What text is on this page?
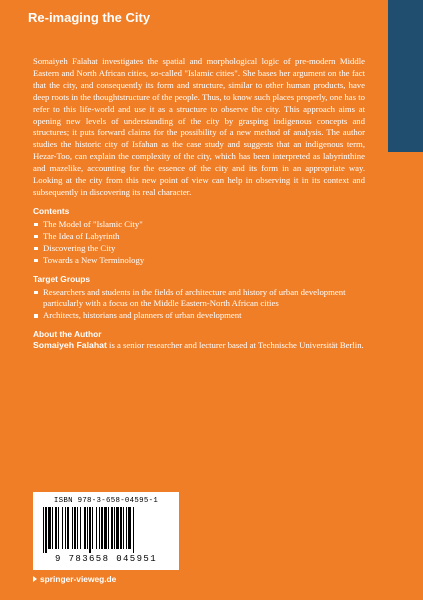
Re-imaging the City

Somaiyeh Falahat investigates the spatial and morphological logic of pre-modern Middle Eastern and North African cities, so-called "Islamic cities". She bases her argument on the fact that the city, and consequently its form and structure, similar to other human products, have deep roots in the thoughtstructure of the people. Thus, to know such places properly, one has to refer to this life-world and use it as a structure to observe the city. This approach aims at opening new levels of understanding of the city by grasping indigenous concepts and structures; it puts forward claims for the possibility of a new method of analysis. The author studies the historic city of Isfahan as the case study and suggests that an indigenous term, Hezar-Too, can explain the complexity of the city, which has been interpreted as labyrinthine and mazelike, accounting for the essence of the city and its form in an appropriate way. Looking at the city from this new point of view can help in observing it in its context and subsequently in discovering its real character.

Contents
The Model of "Islamic City"
The Idea of Labyrinth
Discovering the City
Towards a New Terminology
Target Groups
Researchers and students in the fields of architecture and history of urban development particularly with a focus on the Middle Eastern-North African cities
Architects, historians and planners of urban development
About the Author

Somaiyeh Falahat is a senior researcher and lecturer based at Technische Universität Berlin.

ISBN 978-3-658-04595-1
9 783658 045951
springer-vieweg.de
